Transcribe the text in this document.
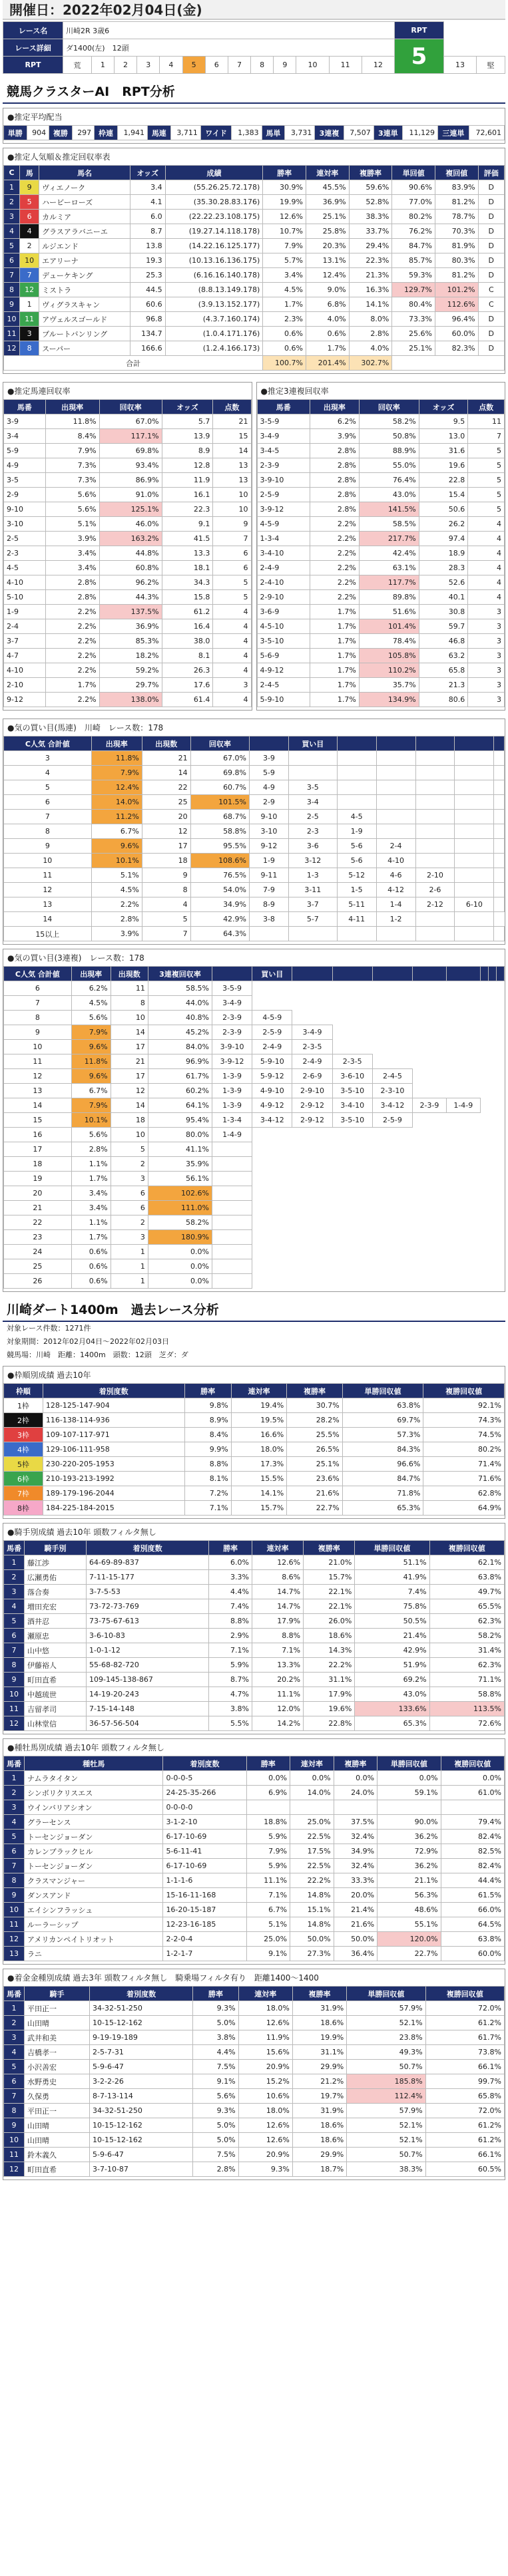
開催日：2022年02月04日(金)
レース名	川崎2R 3歳6													RPT		
レース詳細	ダ1400(左)　12頭													5		
RPT	荒	1	2	3	4	5	6	7	8	9	10	11	12		13	堅
競馬クラスターAI　RPT分析
●推定平均配当
単勝	904	複勝	297	枠連	1,941	馬連	3,711	ワイド	1,383	馬単	3,731	3連複	7,507	3連単	11,129	三連単	72,601
●推定人気順＆推定回収率表
C	馬	馬名	オッズ	成績	勝率	連対率	複勝率	単回値	複回値	評価
1	9	ヴィエノーク	3.4	(55.26.25.72.178)	30.9%	45.5%	59.6%	90.6%	83.9%	D
2	5	ハービーローズ	4.1	(35.30.28.83.176)	19.9%	36.9%	52.8%	77.0%	81.2%	D
3	6	カルミア	6.0	(22.22.23.108.175)	12.6%	25.1%	38.3%	80.2%	78.7%	D
4	4	グラスアラバニーエ	8.7	(19.27.14.118.178)	10.7%	25.8%	33.7%	76.2%	70.3%	D
5	2	ルジエンド	13.8	(14.22.16.125.177)	7.9%	20.3%	29.4%	84.7%	81.9%	D
6	10	エアリーナ	19.3	(10.13.16.136.175)	5.7%	13.1%	22.3%	85.7%	80.3%	D
7	7	デューケキング	25.3	(6.16.16.140.178)	3.4%	12.4%	21.3%	59.3%	81.2%	D
8	12	ミストラ	44.5	(8.8.13.149.178)	4.5%	9.0%	16.3%	129.7%	101.2%	C
9	1	ヴィグラスキャン	60.6	(3.9.13.152.177)	1.7%	6.8%	14.1%	80.4%	112.6%	C
10	11	アヴェルスゴールド	96.8	(4.3.7.160.174)	2.3%	4.0%	8.0%	73.3%	96.4%	D
11	3	プルートバンリング	134.7	(1.0.4.171.176)	0.6%	0.6%	2.8%	25.6%	60.0%	D
12	8	スーパー	166.6	(1.2.4.166.173)	0.6%	1.7%	4.0%	25.1%	82.3%	D
合計					100.7%	201.4%	302.7%			
●推定馬連回収率
馬番	出現率	回収率	オッズ	点数
3-9	11.8%	67.0%	5.7	21
3-4	8.4%	117.1%	13.9	15
5-9	7.9%	69.8%	8.9	14
4-9	7.3%	93.4%	12.8	13
3-5	7.3%	86.9%	11.9	13
2-9	5.6%	91.0%	16.1	10
9-10	5.6%	125.1%	22.3	10
3-10	5.1%	46.0%	9.1	9
2-5	3.9%	163.2%	41.5	7
2-3	3.4%	44.8%	13.3	6
4-5	3.4%	60.8%	18.1	6
4-10	2.8%	96.2%	34.3	5
5-10	2.8%	44.3%	15.8	5
1-9	2.2%	137.5%	61.2	4
2-4	2.2%	36.9%	16.4	4
3-7	2.2%	85.3%	38.0	4
4-7	2.2%	18.2%	8.1	4
4-10	2.2%	59.2%	26.3	4
2-10	1.7%	29.7%	17.6	3
9-12	2.2%	138.0%	61.4	4
●推定3連複回収率
馬番	出現率	回収率	オッズ	点数
3-5-9	6.2%	58.2%	9.5	11
3-4-9	3.9%	50.8%	13.0	7
3-4-5	2.8%	88.9%	31.6	5
2-3-9	2.8%	55.0%	19.6	5
3-9-10	2.8%	76.4%	22.8	5
2-5-9	2.8%	43.0%	15.4	5
3-9-12	2.8%	141.5%	50.6	5
4-5-9	2.2%	58.5%	26.2	4
1-3-4	2.2%	217.7%	97.4	4
3-4-10	2.2%	42.4%	18.9	4
2-4-9	2.2%	63.1%	28.3	4
2-4-10	2.2%	117.7%	52.6	4
2-9-10	2.2%	89.8%	40.1	4
3-6-9	1.7%	51.6%	30.8	3
4-5-10	1.7%	101.4%	59.7	3
3-5-10	1.7%	78.4%	46.8	3
5-6-9	1.7%	105.8%	63.2	3
4-9-12	1.7%	110.2%	65.8	3
2-4-5	1.7%	35.7%	21.3	3
5-9-10	1.7%	134.9%	80.6	3
●気の買い目(馬連)　川崎　レース数：178
C人気 合計値	出現率	出現数	回収率		買い目					
3	11.8%	21	67.0%	3-9						
4	7.9%	14	69.8%	5-9						
5	12.4%	22	60.7%	4-9	3-5					
6	14.0%	25	101.5%	2-9	3-4					
7	11.2%	20	68.7%	9-10	2-5	4-5				
8	6.7%	12	58.8%	3-10	2-3	1-9				
9	9.6%	17	95.5%	9-12	3-6	5-6	2-4			
10	10.1%	18	108.6%	1-9	3-12	5-6	4-10			
11	5.1%	9	76.5%	9-11	1-3	5-12	4-6	2-10		
12	4.5%	8	54.0%	7-9	3-11	1-5	4-12	2-6		
13	2.2%	4	34.9%	8-9	3-7	5-11	1-4	2-12	6-10	
14	2.8%	5	42.9%	3-8	5-7	4-11	1-2			
15以上	3.9%	7	64.3%							
●気の買い目(3連複)　レース数：178
C人気 合計値	出現率	出現数	3連複回収率		買い目								
6	6.2%	11	58.5%	3-5-9									
7	4.5%	8	44.0%	3-4-9									
8	5.6%	10	40.8%	2-3-9	4-5-9								
9	7.9%	14	45.2%	2-3-9	2-5-9	3-4-9							
10	9.6%	17	84.0%	3-9-10	2-4-9	2-3-5							
11	11.8%	21	96.9%	3-9-12	5-9-10	2-4-9	2-3-5						
12	9.6%	17	61.7%	1-3-9	5-9-12	2-6-9	3-6-10	2-4-5					
13	6.7%	12	60.2%	1-3-9	4-9-10	2-9-10	3-5-10	2-3-10					
14	7.9%	14	64.1%	1-3-9	4-9-12	2-9-12	3-4-10	3-4-12	2-3-9	1-4-9			
15	10.1%	18	95.4%	1-3-4	3-4-12	2-9-12	3-5-10	2-5-9					
16	5.6%	10	80.0%	1-4-9									
17	2.8%	5	41.1%										
18	1.1%	2	35.9%										
19	1.7%	3	56.1%										
20	3.4%	6	102.6%										
21	3.4%	6	111.0%										
22	1.1%	2	58.2%										
23	1.7%	3	180.9%										
24	0.6%	1	0.0%										
25	0.6%	1	0.0%										
26	0.6%	1	0.0%										
川崎ダート1400m　過去レース分析
対象レース件数：1271件
対象期間：2012年02月04日〜2022年02月03日
競馬場：川崎　距離：1400m　頭数：12頭　芝ダ：ダ
●枠順別成績 過去10年
枠順	着別度数	勝率	連対率	複勝率	単勝回収値	複勝回収値
1枠	128-125-147-904	9.8%	19.4%	30.7%	63.8%	92.1%
2枠	116-138-114-936	8.9%	19.5%	28.2%	69.7%	74.3%
3枠	109-107-117-971	8.4%	16.6%	25.5%	57.3%	74.5%
4枠	129-106-111-958	9.9%	18.0%	26.5%	84.3%	80.2%
5枠	230-220-205-1953	8.8%	17.3%	25.1%	96.6%	71.4%
6枠	210-193-213-1992	8.1%	15.5%	23.6%	84.7%	71.6%
7枠	189-179-196-2044	7.2%	14.1%	21.6%	71.8%	62.8%
8枠	184-225-184-2015	7.1%	15.7%	22.7%	65.3%	64.9%
●騎手別成績 過去10年 頭数フィルタ無し
馬番	騎手別	着別度数	勝率	連対率	複勝率	単勝回収値	複勝回収値
1	藤江渉	64-69-89-837	6.0%	12.6%	21.0%	51.1%	62.1%
2	広瀬勇佑	7-11-15-177	3.3%	8.6%	15.7%	41.9%	63.8%
3	落合奏	3-7-5-53	4.4%	14.7%	22.1%	7.4%	49.7%
4	増田充宏	73-72-73-769	7.4%	14.7%	22.1%	75.8%	65.5%
5	酒井忍	73-75-67-613	8.8%	17.9%	26.0%	50.5%	62.3%
6	瀬原忠	3-6-10-83	2.9%	8.8%	18.6%	21.4%	58.2%
7	山中悠	1-0-1-12	7.1%	7.1%	14.3%	42.9%	31.4%
8	伊藤裕人	55-68-82-720	5.9%	13.3%	22.2%	51.9%	62.3%
9	町田直希	109-145-138-867	8.7%	20.2%	31.1%	69.2%	71.1%
10	中越琉世	14-19-20-243	4.7%	11.1%	17.9%	43.0%	58.8%
11	吉留孝司	7-15-14-148	3.8%	12.0%	19.6%	133.6%	113.5%
12	山林堂信	36-57-56-504	5.5%	14.2%	22.8%	65.3%	72.6%
●種牡馬別成績 過去10年 頭数フィルタ無し
馬番	種牡馬	着別度数	勝率	連対率	複勝率	単勝回収値	複勝回収値
1	ナムラタイタン	0-0-0-5	0.0%	0.0%	0.0%	0.0%	0.0%
2	シンボリクリスエス	24-25-35-266	6.9%	14.0%	24.0%	59.1%	61.0%
3	ウインバリアシオン	0-0-0-0					
4	グラーセンス	3-1-2-10	18.8%	25.0%	37.5%	90.0%	79.4%
5	トーセンジョーダン	6-17-10-69	5.9%	22.5%	32.4%	36.2%	82.4%
6	カレンブラックヒル	5-6-11-41	7.9%	17.5%	34.9%	72.9%	82.5%
7	トーセンジョーダン	6-17-10-69	5.9%	22.5%	32.4%	36.2%	82.4%
8	クラスマンジャー	1-1-1-6	11.1%	22.2%	33.3%	21.1%	44.4%
9	ダンスアンド	15-16-11-168	7.1%	14.8%	20.0%	56.3%	61.5%
10	エイシンフラッシュ	16-20-15-187	6.7%	15.1%	21.4%	48.6%	66.0%
11	ルーラーシップ	12-23-16-185	5.1%	14.8%	21.6%	55.1%	64.5%
12	アメリカンペイトリオット	2-2-0-4	25.0%	50.0%	50.0%	120.0%	63.8%
13	ラニ	1-2-1-7	9.1%	27.3%	36.4%	22.7%	60.0%
●着金金種別成績 過去3年 頭数フィルタ無し　騎乗場フィルタ有り　距離1400〜1400
馬番	騎手	着別度数	勝率	連対率	複勝率	単勝回収値	複勝回収値
1	平田正一	34-32-51-250	9.3%	18.0%	31.9%	57.9%	72.0%
2	山田晴	10-15-12-162	5.0%	12.6%	18.6%	52.1%	61.2%
3	武井和美	9-19-19-189	3.8%	11.9%	19.9%	23.8%	61.7%
4	吉橋孝一	2-5-7-31	4.4%	15.6%	31.1%	49.3%	73.8%
5	小沢善宏	5-9-6-47	7.5%	20.9%	29.9%	50.7%	66.1%
6	水野勇史	3-2-2-26	9.1%	15.2%	21.2%	185.8%	99.7%
7	久保勇	8-7-13-114	5.6%	10.6%	19.7%	112.4%	65.8%
8	平田正一	34-32-51-250	9.3%	18.0%	31.9%	57.9%	72.0%
9	山田晴	10-15-12-162	5.0%	12.6%	18.6%	52.1%	61.2%
10	山田晴	10-15-12-162	5.0%	12.6%	18.6%	52.1%	61.2%
11	鈴木義久	5-9-6-47	7.5%	20.9%	29.9%	50.7%	66.1%
12	町田直希	3-7-10-87	2.8%	9.3%	18.7%	38.3%	60.5%
